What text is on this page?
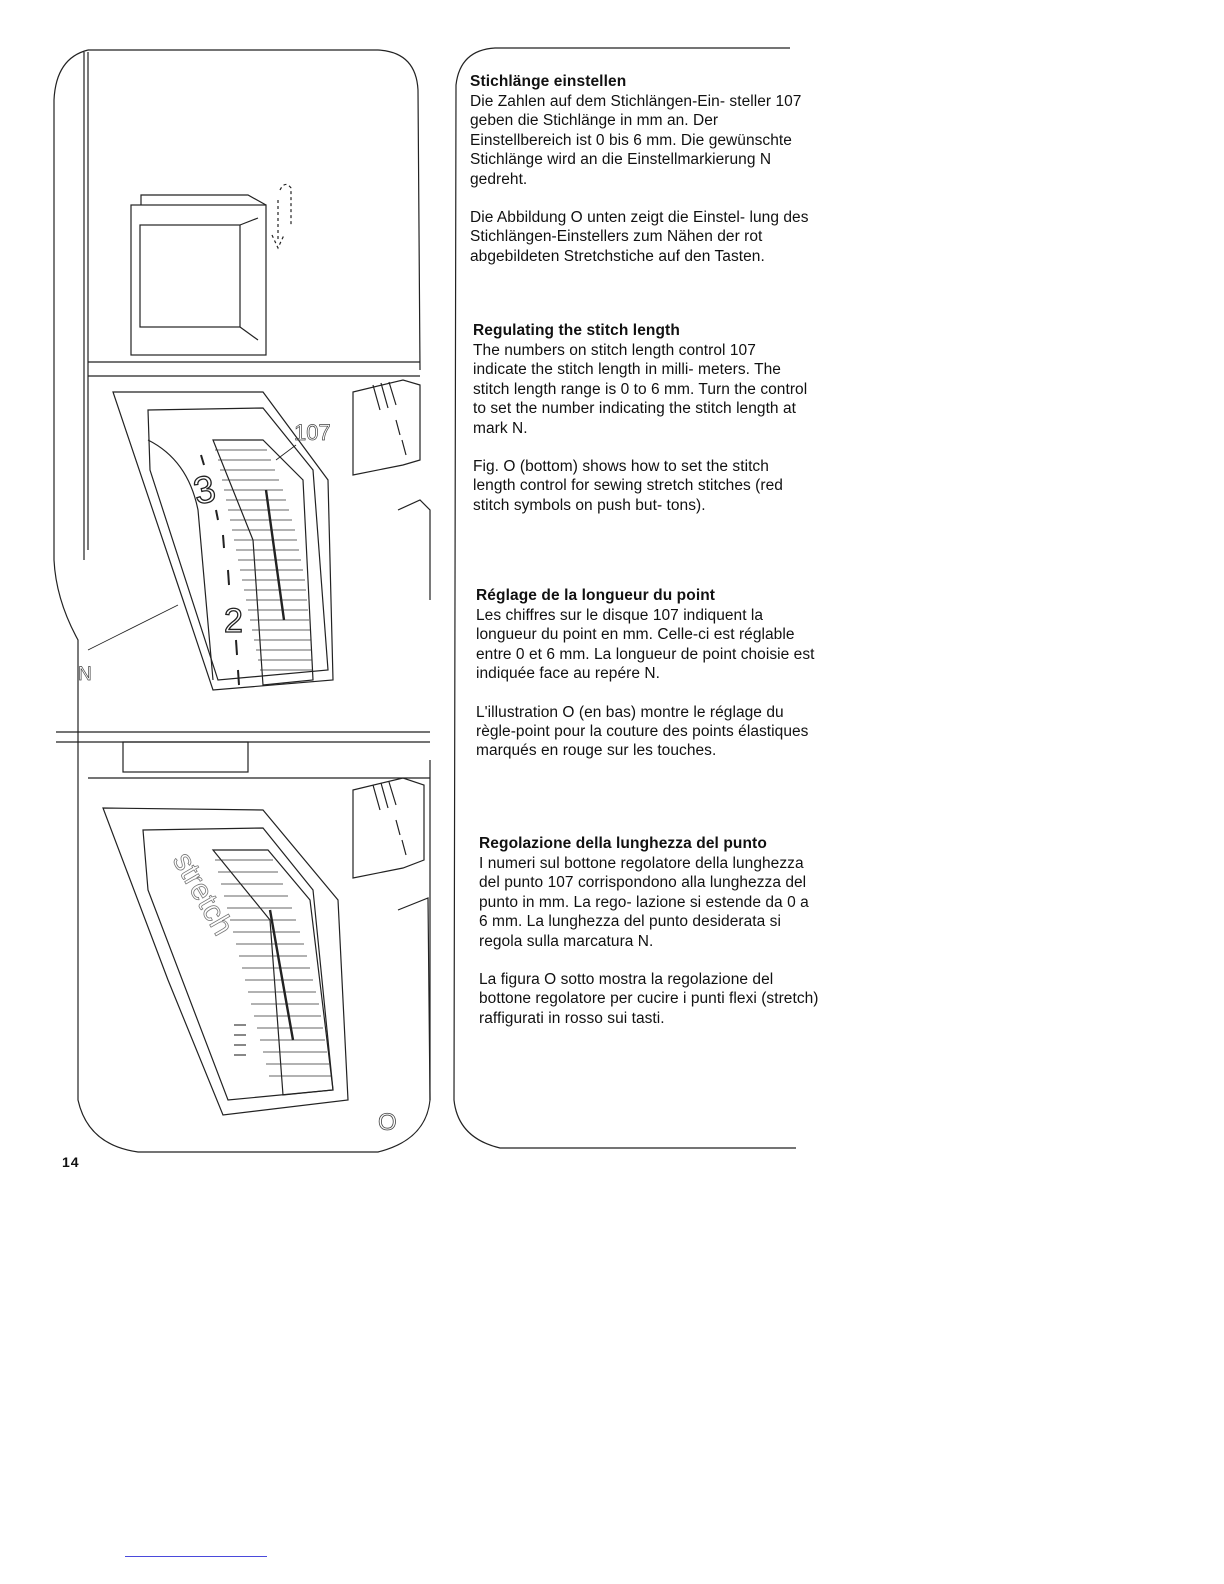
107
3
2
N
stretch
O
Stichlänge einstellen

Die Zahlen auf dem Stichlängen-Ein- steller 107 geben die Stichlänge in mm an. Der Einstellbereich ist 0 bis 6 mm. Die gewünschte Stichlänge wird an die Einstellmarkierung N gedreht.

Die Abbildung O unten zeigt die Einstel- lung des Stichlängen-Einstellers zum Nähen der rot abgebildeten Stretchstiche auf den Tasten.

Regulating the stitch length

The numbers on stitch length control 107 indicate the stitch length in milli- meters. The stitch length range is 0 to 6 mm. Turn the control to set the number indicating the stitch length at mark N.

Fig. O (bottom) shows how to set the stitch length control for sewing stretch stitches (red stitch symbols on push but- tons).

Réglage de la longueur du point

Les chiffres sur le disque 107 indiquent la longueur du point en mm. Celle-ci est réglable entre 0 et 6 mm. La longueur de point choisie est indiquée face au repére N.

L'illustration O (en bas) montre le réglage du règle-point pour la couture des points élastiques marqués en rouge sur les touches.

Regolazione della lunghezza del punto

I numeri sul bottone regolatore della lunghezza del punto 107 corrispondono alla lunghezza del punto in mm. La rego- lazione si estende da 0 a 6 mm. La lunghezza del punto desiderata si regola sulla marcatura N.

La figura O sotto mostra la regolazione del bottone regolatore per cucire i punti flexi (stretch) raffigurati in rosso sui tasti.

14
